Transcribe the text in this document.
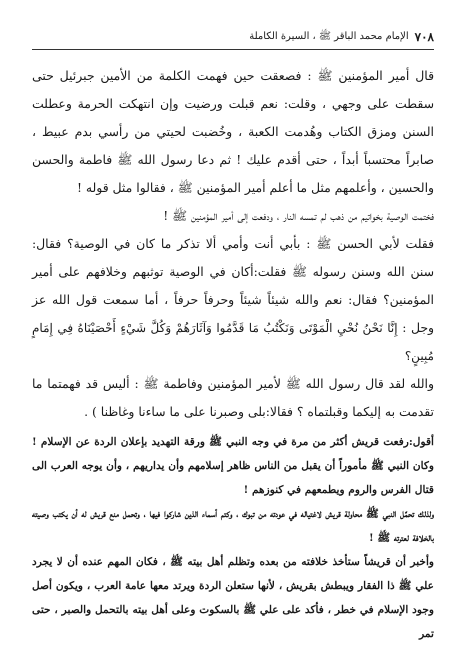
٧٠٨
الإمام محمد الباقر ﷺ ، السيرة الكاملة

قال أمير المؤمنين ﷺ : فصعقت حين فهمت الكلمة من الأمين جبرئيل حتى سقطت على وجهي ، وقلت: نعم قبلت ورضيت وإن انتهكت الحرمة وعطلت السنن ومزق الكتاب وهُدمت الكعبة ، وخُضبت لحيتي من رأسي بدم عبيط ، صابراً محتسباً أبداً ، حتى أقدم عليك ! ثم دعا رسول الله ﷺ فاطمة والحسن والحسين ، وأعلمهم مثل ما أعلم أمير المؤمنين ﷺ ، فقالوا مثل قوله !

فختمت الوصية بخواتيم من ذهب لم تمسه النار ، ودفعت إلى أمير المؤمنين ﷺ !

فقلت لأبي الحسن ﷺ : بأبي أنت وأمي ألا تذكر ما كان في الوصية؟ فقال: سنن الله وسنن رسوله ﷺ فقلت:أكان في الوصية توثبهم وخلافهم على أمير المؤمنين؟ فقال: نعم والله شيئاً شيئاً وحرفاً حرفاً ، أما سمعت قول الله عز وجل : إِنَّا نَحْنُ نُحْيِ الْمَوْتَى وَنَكْتُبُ مَا قَدَّمُوا وَآثَارَهُمْ وَكُلَّ شَيْءٍ أَحْصَيْنَاهُ فِي إِمَامٍ مُبِينٍ؟

والله لقد قال رسول الله ﷺ لأمير المؤمنين وفاطمة ﷺ : أليس قد فهمتما ما تقدمت به إليكما وقبلتماه ؟ فقالا:بلى وصبرنا على ما ساءنا وغاظنا ) .

أقول:رفعت قريش أكثر من مرة في وجه النبي ﷺ ورقة التهديد بإعلان الردة عن الإسلام ! وكان النبي ﷺ مأموراً أن يقبل من الناس ظاهر إسلامهم وأن يداريهم ، وأن يوجه العرب الى قتال الفرس والروم ويطمعهم في كنوزهم !

ولذلك تحمَّل النبي ﷺ محاولة قريش لاغتياله في عودته من تبوك ، وكتم أسماء الذين شاركوا فيها ، وتحمل منع قريش له أن يكتب وصيته بالخلافة لعترته ﷺ !

وأخبر أن قريشاً ستأخذ خلافته من بعده وتظلم أهل بيته ﷺ ، فكان المهم عنده أن لا يجرد علي ﷺ ذا الفقار ويبطش بقريش ، لأنها ستعلن الردة ويرتد معها عامة العرب ، ويكون أصل وجود الإسلام في خطر ، فأكد على علي ﷺ بالسكوت وعلى أهل بيته بالتحمل والصبر ، حتى تمر
